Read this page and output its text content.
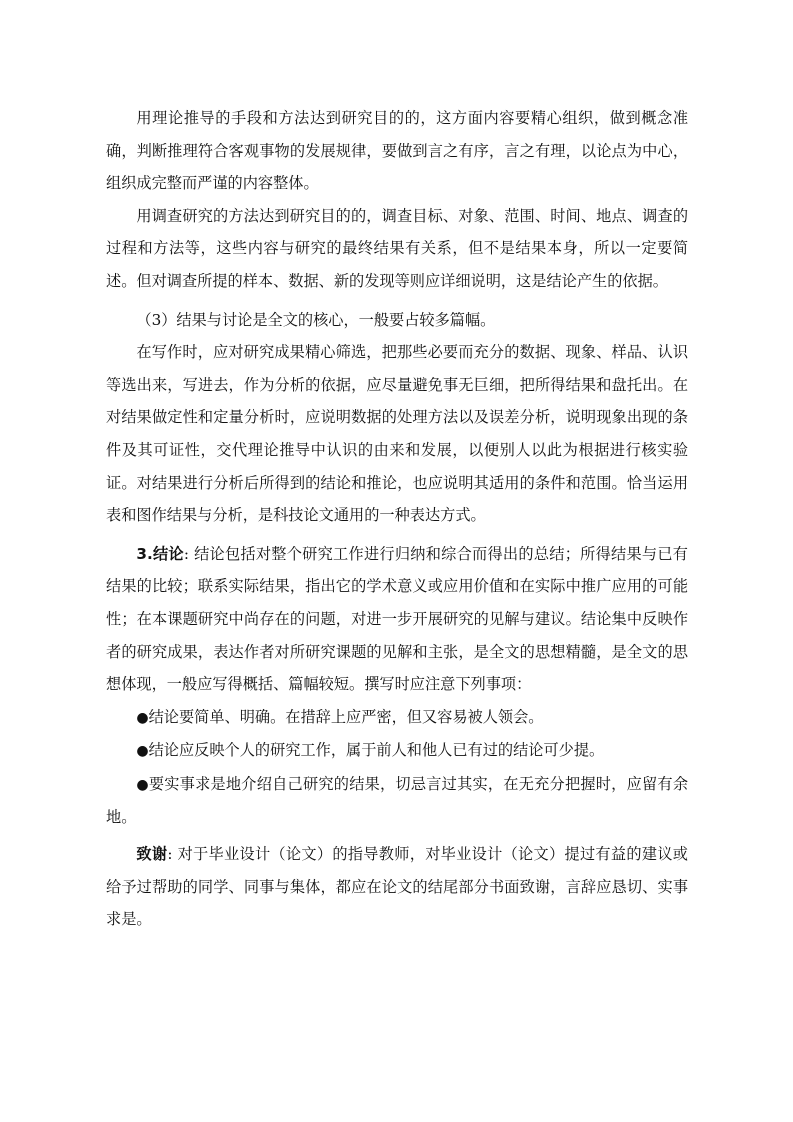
用理论推导的手段和方法达到研究目的的，这方面内容要精心组织，做到概念准确，判断推理符合客观事物的发展规律，要做到言之有序，言之有理，以论点为中心，组织成完整而严谨的内容整体。

用调查研究的方法达到研究目的的，调查目标、对象、范围、时间、地点、调查的过程和方法等，这些内容与研究的最终结果有关系，但不是结果本身，所以一定要简述。但对调查所提的样本、数据、新的发现等则应详细说明，这是结论产生的依据。

（3）结果与讨论是全文的核心，一般要占较多篇幅。

在写作时，应对研究成果精心筛选，把那些必要而充分的数据、现象、样品、认识等选出来，写进去，作为分析的依据，应尽量避免事无巨细，把所得结果和盘托出。在对结果做定性和定量分析时，应说明数据的处理方法以及误差分析，说明现象出现的条件及其可证性，交代理论推导中认识的由来和发展，以便别人以此为根据进行核实验证。对结果进行分析后所得到的结论和推论，也应说明其适用的条件和范围。恰当运用表和图作结果与分析，是科技论文通用的一种表达方式。

3.结论: 结论包括对整个研究工作进行归纳和综合而得出的总结；所得结果与已有结果的比较；联系实际结果，指出它的学术意义或应用价值和在实际中推广应用的可能性；在本课题研究中尚存在的问题，对进一步开展研究的见解与建议。结论集中反映作者的研究成果，表达作者对所研究课题的见解和主张，是全文的思想精髓，是全文的思想体现，一般应写得概括、篇幅较短。撰写时应注意下列事项：

●结论要简单、明确。在措辞上应严密，但又容易被人领会。

●结论应反映个人的研究工作，属于前人和他人已有过的结论可少提。

●要实事求是地介绍自己研究的结果，切忌言过其实，在无充分把握时，应留有余地。

致谢: 对于毕业设计（论文）的指导教师，对毕业设计（论文）提过有益的建议或给予过帮助的同学、同事与集体，都应在论文的结尾部分书面致谢，言辞应恳切、实事求是。
